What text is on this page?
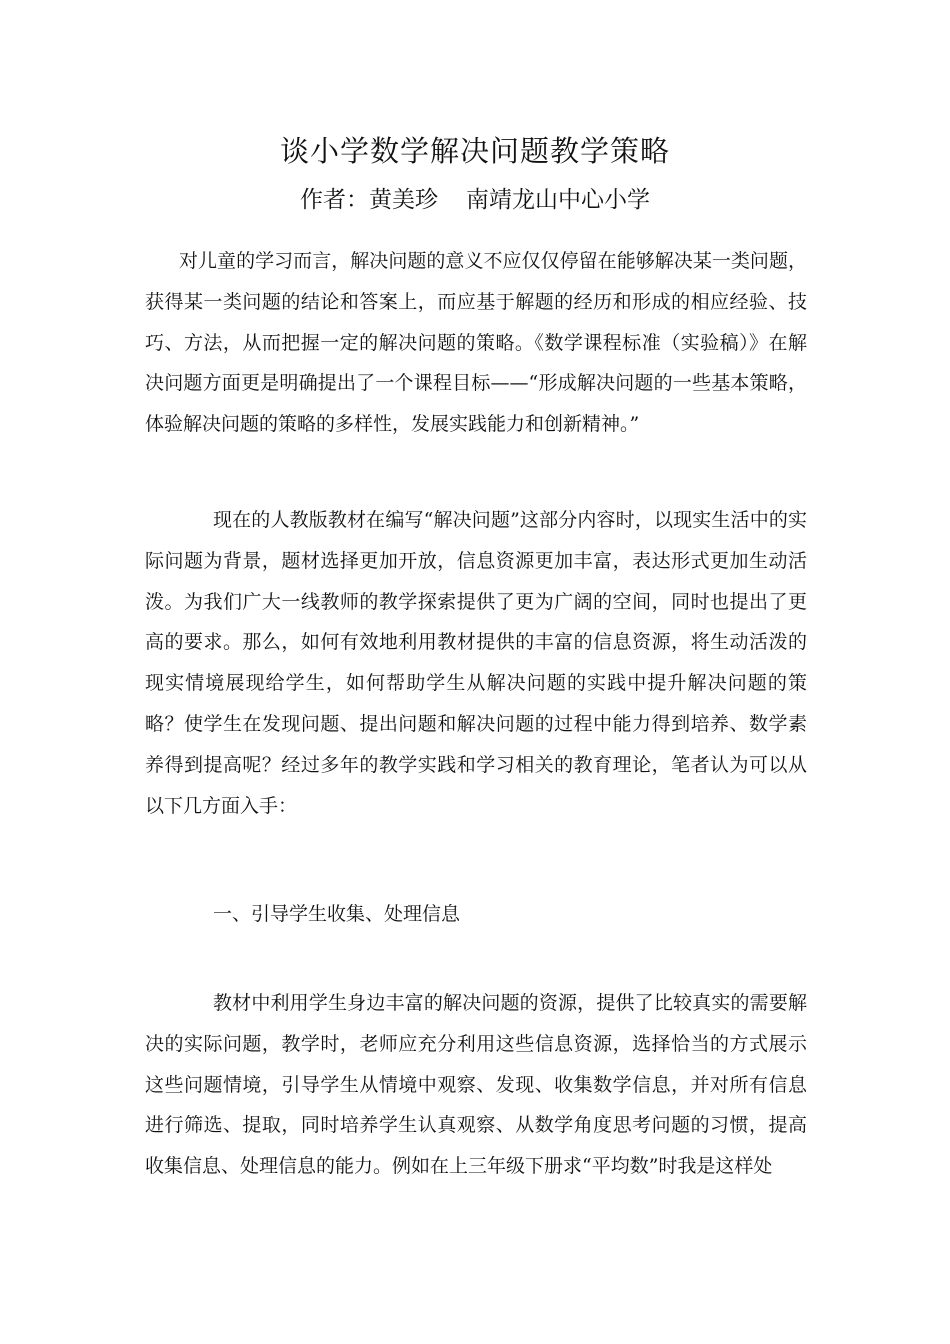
谈小学数学解决问题教学策略

作者：黄美珍 南靖龙山中心小学

对儿童的学习而言，解决问题的意义不应仅仅停留在能够解决某一类问题，获得某一类问题的结论和答案上，而应基于解题的经历和形成的相应经验、技巧、方法，从而把握一定的解决问题的策略。《数学课程标准（实验稿）》在解决问题方面更是明确提出了一个课程目标——“形成解决问题的一些基本策略，体验解决问题的策略的多样性，发展实践能力和创新精神。”

现在的人教版教材在编写“解决问题”这部分内容时，以现实生活中的实际问题为背景，题材选择更加开放，信息资源更加丰富，表达形式更加生动活泼。为我们广大一线教师的教学探索提供了更为广阔的空间，同时也提出了更高的要求。那么，如何有效地利用教材提供的丰富的信息资源，将生动活泼的现实情境展现给学生，如何帮助学生从解决问题的实践中提升解决问题的策略？使学生在发现问题、提出问题和解决问题的过程中能力得到培养、数学素养得到提高呢？经过多年的教学实践和学习相关的教育理论，笔者认为可以从以下几方面入手：

一、引导学生收集、处理信息

教材中利用学生身边丰富的解决问题的资源，提供了比较真实的需要解决的实际问题，教学时，老师应充分利用这些信息资源，选择恰当的方式展示这些问题情境，引导学生从情境中观察、发现、收集数学信息，并对所有信息进行筛选、提取，同时培养学生认真观察、从数学角度思考问题的习惯，提高收集信息、处理信息的能力。例如在上三年级下册求“平均数”时我是这样处
